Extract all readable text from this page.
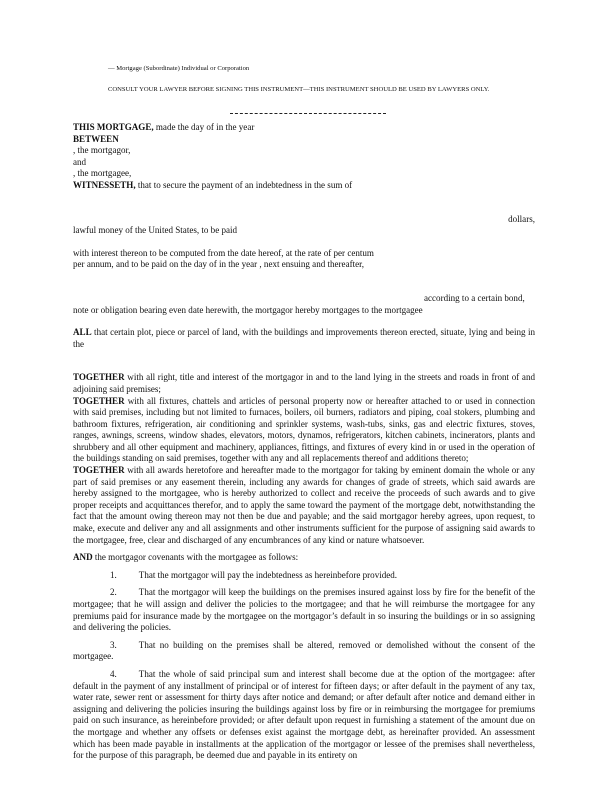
— Mortgage (Subordinate) Individual or Corporation
CONSULT YOUR LAWYER BEFORE SIGNING THIS INSTRUMENT—THIS INSTRUMENT SHOULD BE USED BY LAWYERS ONLY.

THIS MORTGAGE, made the day of in the year

BETWEEN

, the mortgagor,

and

, the mortgagee,

WITNESSETH, that to secure the payment of an indebtedness in the sum of

dollars,

lawful money of the United States, to be paid

with interest thereon to be computed from the date hereof, at the rate of per centum

per annum, and to be paid on the day of in the year , next ensuing and thereafter,

according to a certain bond,

note or obligation bearing even date herewith, the mortgagor hereby mortgages to the mortgagee

ALL that certain plot, piece or parcel of land, with the buildings and improvements thereon erected, situate, lying and being in the

TOGETHER with all right, title and interest of the mortgagor in and to the land lying in the streets and roads in front of and adjoining said premises;

TOGETHER with all fixtures, chattels and articles of personal property now or hereafter attached to or used in connection with said premises, including but not limited to furnaces, boilers, oil burners, radiators and piping, coal stokers, plumbing and bathroom fixtures, refrigeration, air conditioning and sprinkler systems, wash-tubs, sinks, gas and electric fixtures, stoves, ranges, awnings, screens, window shades, elevators, motors, dynamos, refrigerators, kitchen cabinets, incinerators, plants and shrubbery and all other equipment and machinery, appliances, fittings, and fixtures of every kind in or used in the operation of the buildings standing on said premises, together with any and all replacements thereof and additions thereto;

TOGETHER with all awards heretofore and hereafter made to the mortgagor for taking by eminent domain the whole or any part of said premises or any easement therein, including any awards for changes of grade of streets, which said awards are hereby assigned to the mortgagee, who is hereby authorized to collect and receive the proceeds of such awards and to give proper receipts and acquittances therefor, and to apply the same toward the payment of the mortgage debt, notwithstanding the fact that the amount owing thereon may not then be due and payable; and the said mortgagor hereby agrees, upon request, to make, execute and deliver any and all assignments and other instruments sufficient for the purpose of assigning said awards to the mortgagee, free, clear and discharged of any encumbrances of any kind or nature whatsoever.

AND the mortgagor covenants with the mortgagee as follows:

1. That the mortgagor will pay the indebtedness as hereinbefore provided.

2. That the mortgagor will keep the buildings on the premises insured against loss by fire for the benefit of the mortgagee; that he will assign and deliver the policies to the mortgagee; and that he will reimburse the mortgagee for any premiums paid for insurance made by the mortgagee on the mortgagor’s default in so insuring the buildings or in so assigning and delivering the policies.

3. That no building on the premises shall be altered, removed or demolished without the consent of the mortgagee.

4. That the whole of said principal sum and interest shall become due at the option of the mortgagee: after default in the payment of any installment of principal or of interest for fifteen days; or after default in the payment of any tax, water rate, sewer rent or assessment for thirty days after notice and demand; or after default after notice and demand either in assigning and delivering the policies insuring the buildings against loss by fire or in reimbursing the mortgagee for premiums paid on such insurance, as hereinbefore provided; or after default upon request in furnishing a statement of the amount due on the mortgage and whether any offsets or defenses exist against the mortgage debt, as hereinafter provided. An assessment which has been made payable in installments at the application of the mortgagor or lessee of the premises shall nevertheless, for the purpose of this paragraph, be deemed due and payable in its entirety on
